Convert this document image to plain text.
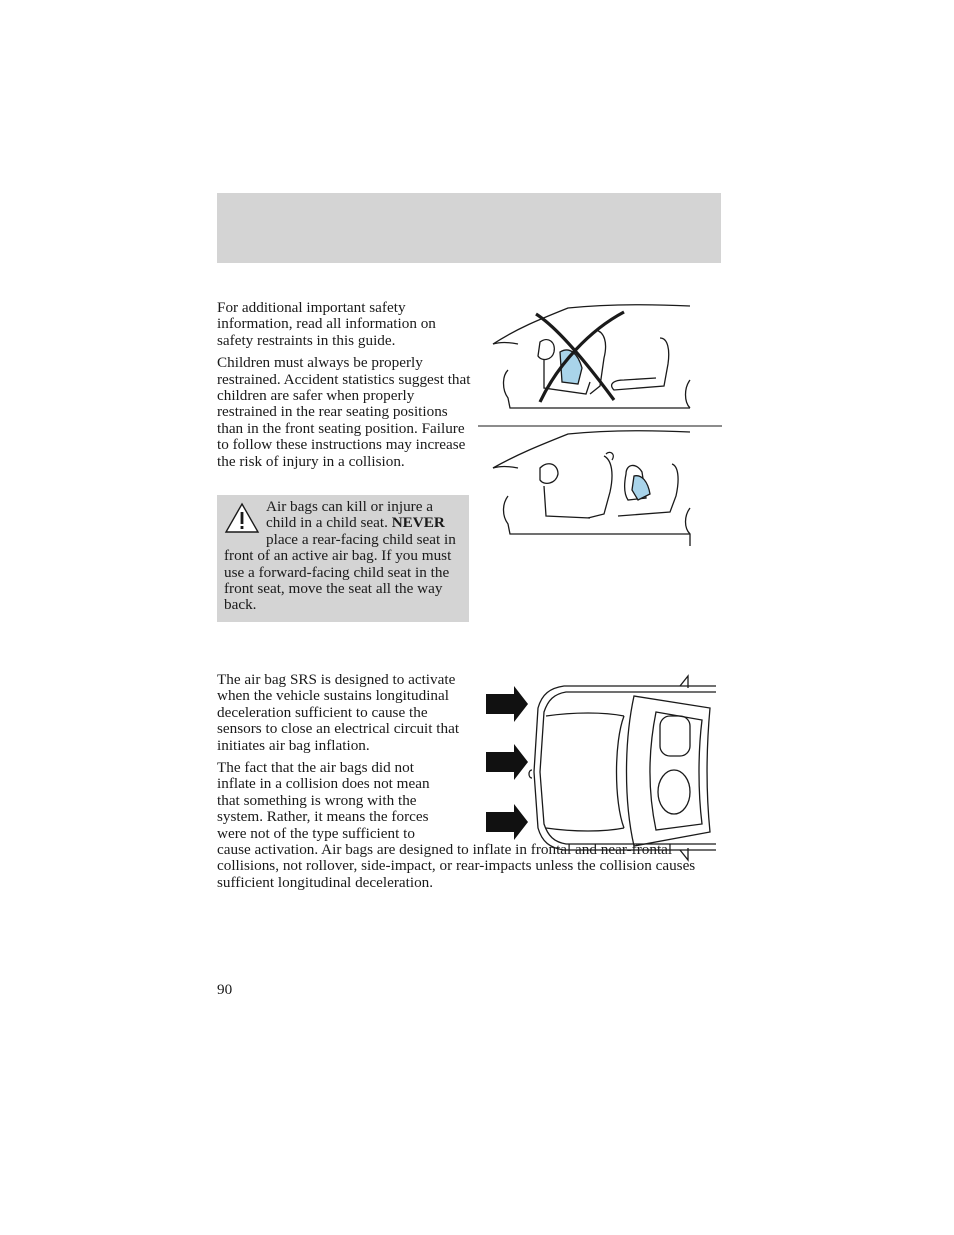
For additional important safety information, read all information on safety restraints in this guide.

Children must always be properly restrained. Accident statistics suggest that children are safer when properly restrained in the rear seating positions than in the front seating position. Failure to follow these instructions may increase the risk of injury in a collision.

Air bags can kill or injure a child in a child seat. NEVER place a rear-facing child seat in front of an active air bag. If you must use a forward-facing child seat in the front seat, move the seat all the way back.

The air bag SRS is designed to activate when the vehicle sustains longitudinal deceleration sufficient to cause the sensors to close an electrical circuit that initiates air bag inflation.

The fact that the air bags did not
inflate in a collision does not mean
that something is wrong with the
system. Rather, it means the forces
were not of the type sufficient to

cause activation. Air bags are designed to inflate in frontal and near-frontal collisions, not rollover, side-impact, or rear-impacts unless the collision causes sufficient longitudinal deceleration.

90
